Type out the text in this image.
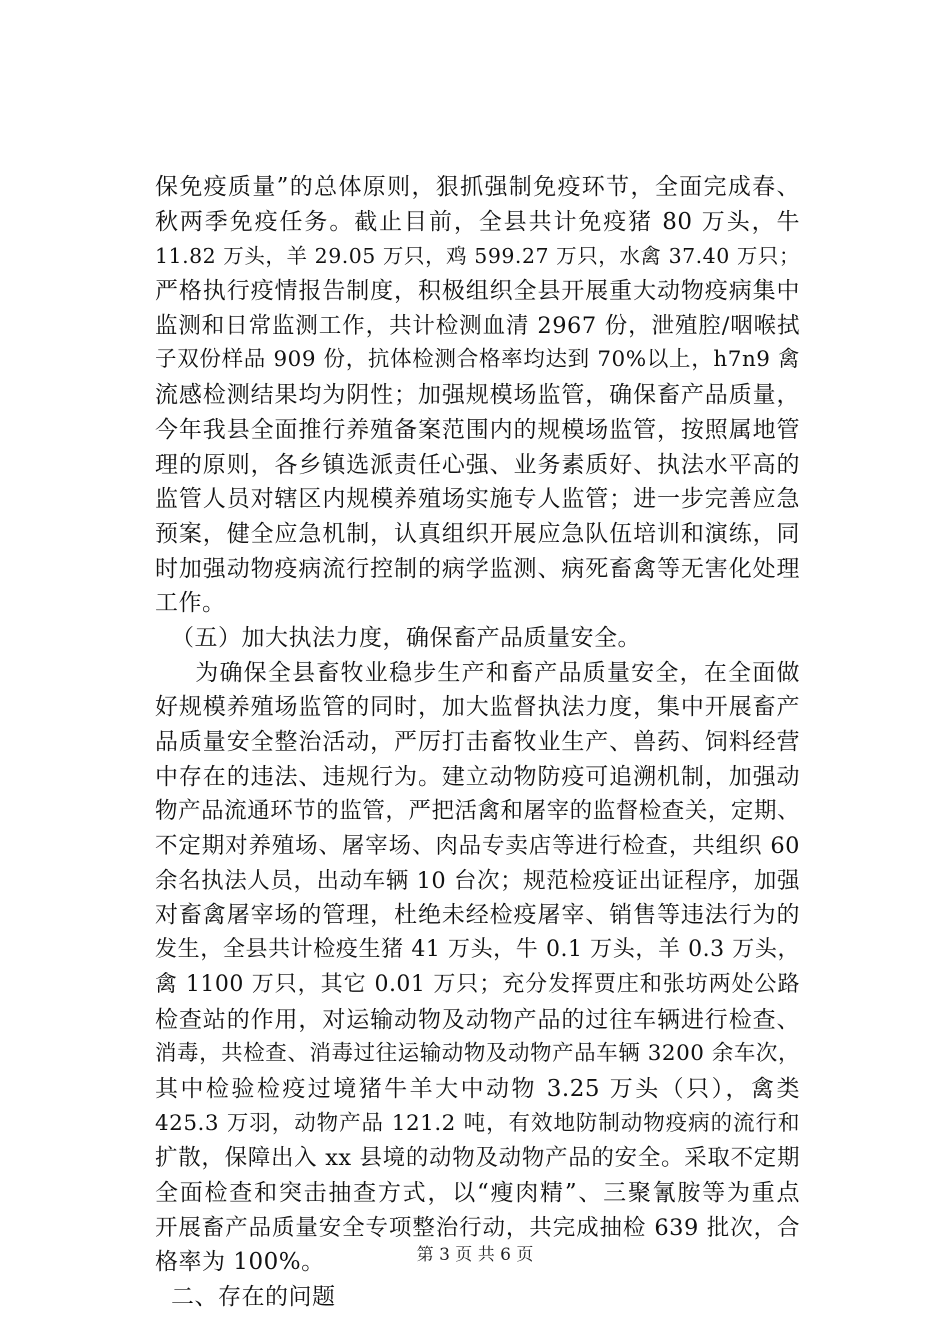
保免疫质量”的总体原则，狠抓强制免疫环节，全面完成春、
秋两季免疫任务。截止目前，全县共计免疫猪 80 万头，牛
11.82 万头，羊 29.05 万只，鸡 599.27 万只，水禽 37.40 万只；
严格执行疫情报告制度，积极组织全县开展重大动物疫病集中
监测和日常监测工作，共计检测血清 2967 份，泄殖腔/咽喉拭
子双份样品 909 份，抗体检测合格率均达到 70%以上，h7n9 禽
流感检测结果均为阴性；加强规模场监管，确保畜产品质量，
今年我县全面推行养殖备案范围内的规模场监管，按照属地管
理的原则，各乡镇选派责任心强、业务素质好、执法水平高的
监管人员对辖区内规模养殖场实施专人监管；进一步完善应急
预案，健全应急机制，认真组织开展应急队伍培训和演练，同
时加强动物疫病流行控制的病学监测、病死畜禽等无害化处理
工作。
（五）加大执法力度，确保畜产品质量安全。
　为确保全县畜牧业稳步生产和畜产品质量安全，在全面做
好规模养殖场监管的同时，加大监督执法力度，集中开展畜产
品质量安全整治活动，严厉打击畜牧业生产、兽药、饲料经营
中存在的违法、违规行为。建立动物防疫可追溯机制，加强动
物产品流通环节的监管，严把活禽和屠宰的监督检查关，定期、
不定期对养殖场、屠宰场、肉品专卖店等进行检查，共组织 60
余名执法人员，出动车辆 10 台次；规范检疫证出证程序，加强
对畜禽屠宰场的管理，杜绝未经检疫屠宰、销售等违法行为的
发生，全县共计检疫生猪 41 万头，牛 0.1 万头，羊 0.3 万头，
禽 1100 万只，其它 0.01 万只；充分发挥贾庄和张坊两处公路
检查站的作用，对运输动物及动物产品的过往车辆进行检查、
消毒，共检查、消毒过往运输动物及动物产品车辆 3200 余车次，
其中检验检疫过境猪牛羊大中动物 3.25 万头（只），禽类
425.3 万羽，动物产品 121.2 吨，有效地防制动物疫病的流行和
扩散，保障出入 xx 县境的动物及动物产品的安全。采取不定期
全面检查和突击抽查方式，以“瘦肉精”、三聚氰胺等为重点
开展畜产品质量安全专项整治行动，共完成抽检 639 批次，合
格率为 100%。
二、存在的问题
第 3 页 共 6 页
